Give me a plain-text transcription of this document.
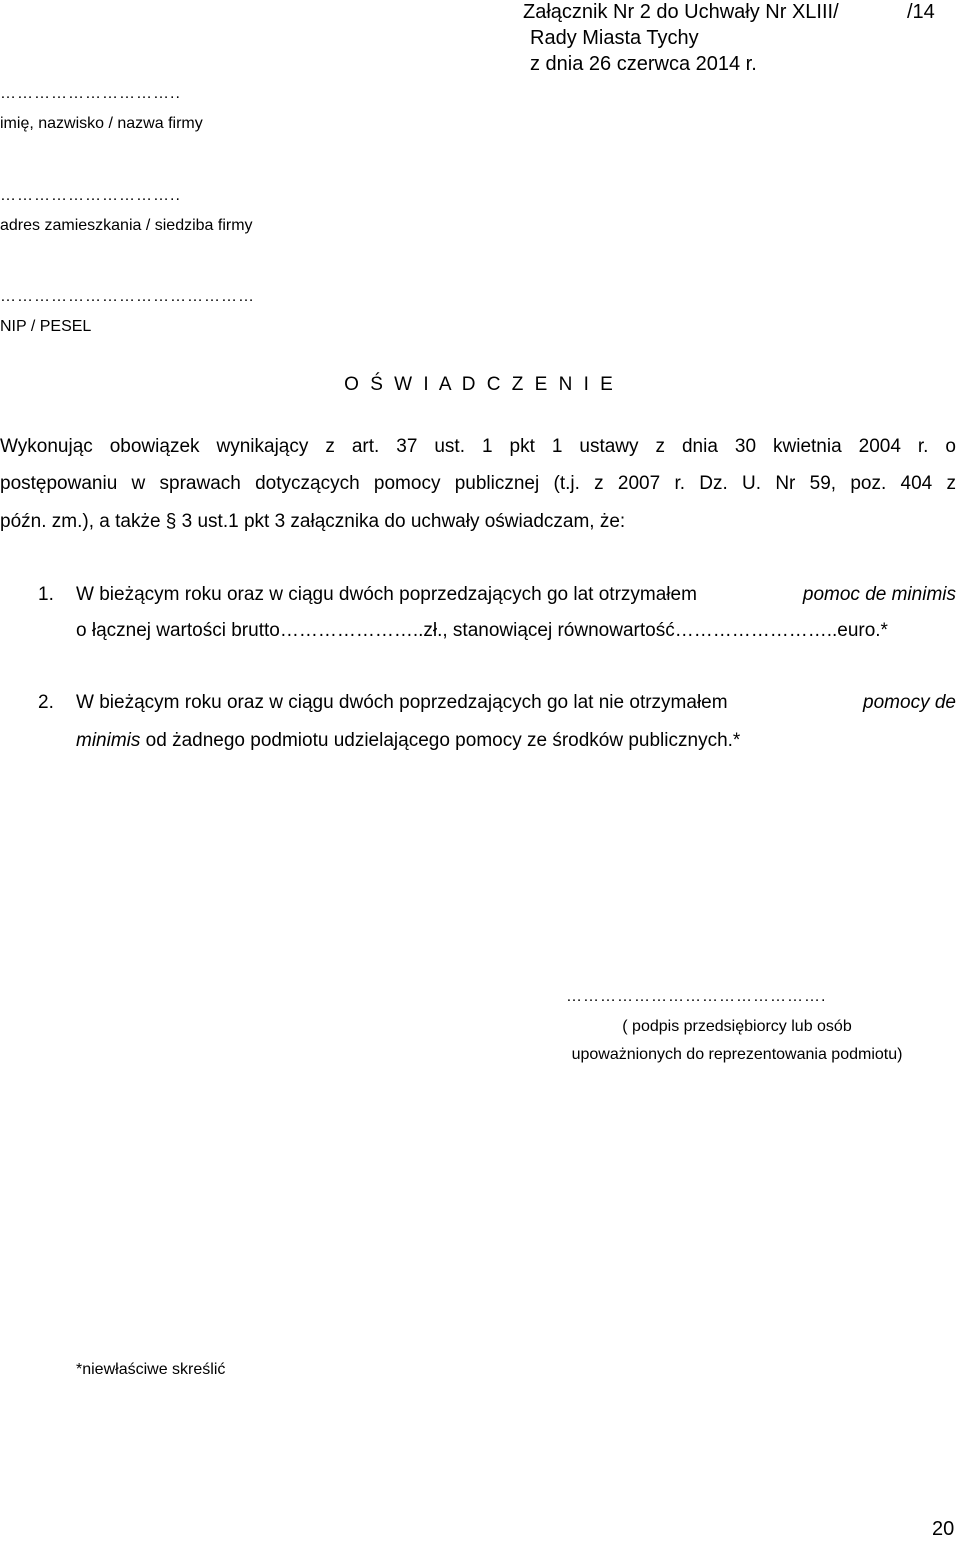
Załącznik Nr 2 do Uchwały Nr XLIII/	/14
Rady Miasta Tychy
z dnia 26 czerwca 2014 r.
…………………………..
imię, nazwisko / nazwa firmy
…………………………..
adres zamieszkania / siedziba firmy
………………………………………
NIP / PESEL
O Ś W I A D C Z E N I E
Wykonując obowiązek wynikający z art. 37 ust. 1 pkt 1 ustawy z dnia 30 kwietnia 2004 r. o
postępowaniu w sprawach dotyczących pomocy publicznej (t.j. z 2007 r. Dz. U. Nr 59, poz. 404 z
późn. zm.), a także § 3 ust.1 pkt 3 załącznika do uchwały oświadczam, że:
1. W bieżącym roku oraz w ciągu dwóch poprzedzających go lat otrzymałem	pomoc de minimis
o łącznej wartości brutto…………………..zł., stanowiącej równowartość……………………..euro.*
2. W bieżącym roku oraz w ciągu dwóch poprzedzających go lat nie otrzymałem	pomocy de
minimis od żadnego podmiotu udzielającego pomocy ze środków publicznych.*
……………………………………….
( podpis przedsiębiorcy lub osób
upoważnionych do reprezentowania podmiotu)
*niewłaściwe skreślić
20
